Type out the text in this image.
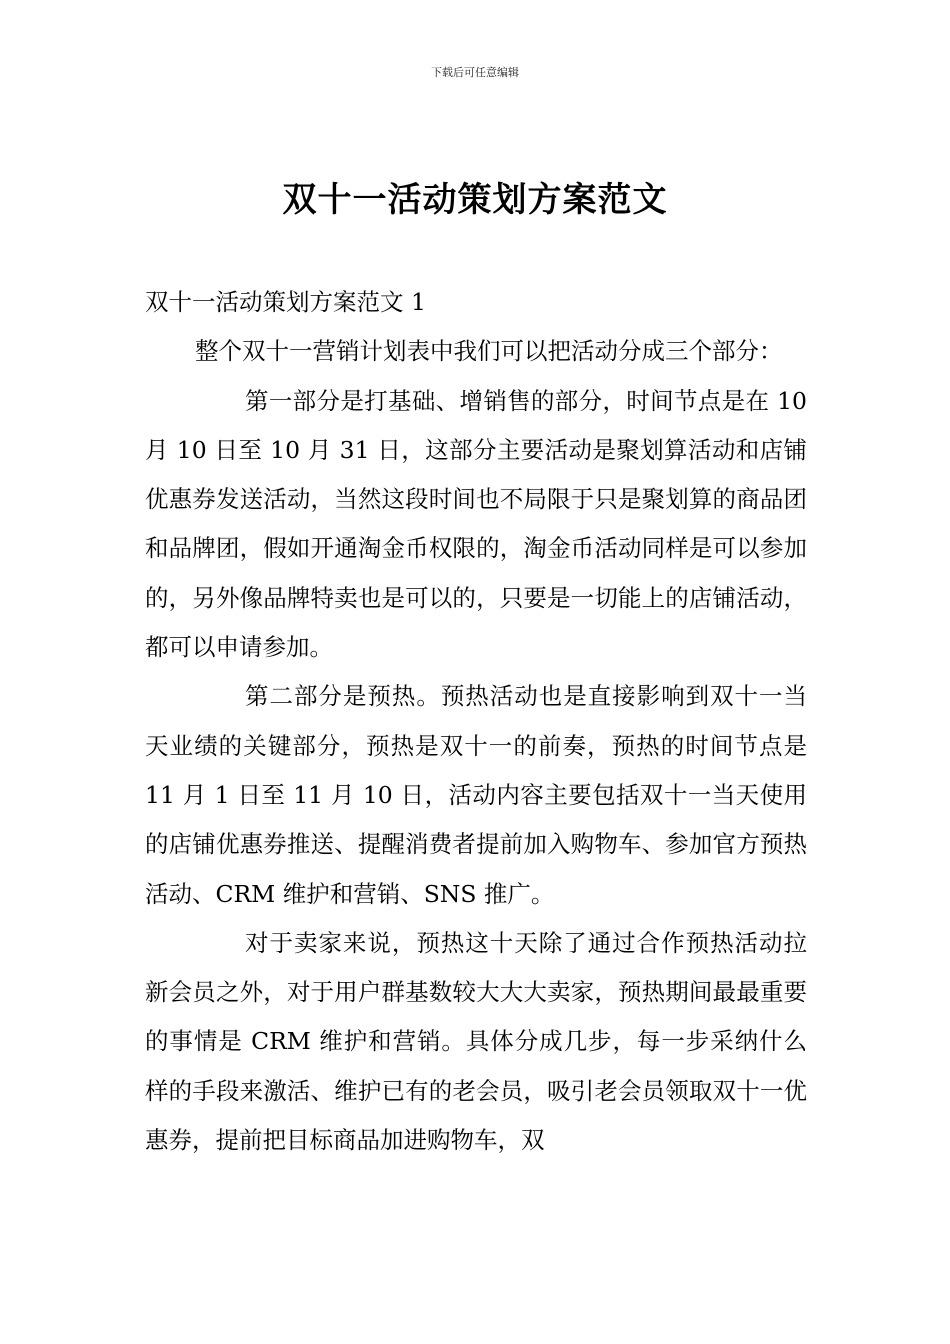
下载后可任意编辑
双十一活动策划方案范文

双十一活动策划方案范文 1

整个双十一营销计划表中我们可以把活动分成三个部分：

第一部分是打基础、增销售的部分，时间节点是在 10 月 10 日至 10 月 31 日，这部分主要活动是聚划算活动和店铺优惠券发送活动，当然这段时间也不局限于只是聚划算的商品团和品牌团，假如开通淘金币权限的，淘金币活动同样是可以参加的，另外像品牌特卖也是可以的，只要是一切能上的店铺活动，都可以申请参加。

第二部分是预热。预热活动也是直接影响到双十一当天业绩的关键部分，预热是双十一的前奏，预热的时间节点是 11 月 1 日至 11 月 10 日，活动内容主要包括双十一当天使用的店铺优惠券推送、提醒消费者提前加入购物车、参加官方预热活动、CRM 维护和营销、SNS 推广。

对于卖家来说，预热这十天除了通过合作预热活动拉新会员之外，对于用户群基数较大大大卖家，预热期间最最重要的事情是 CRM 维护和营销。具体分成几步，每一步采纳什么样的手段来激活、维护已有的老会员，吸引老会员领取双十一优惠券，提前把目标商品加进购物车，双
